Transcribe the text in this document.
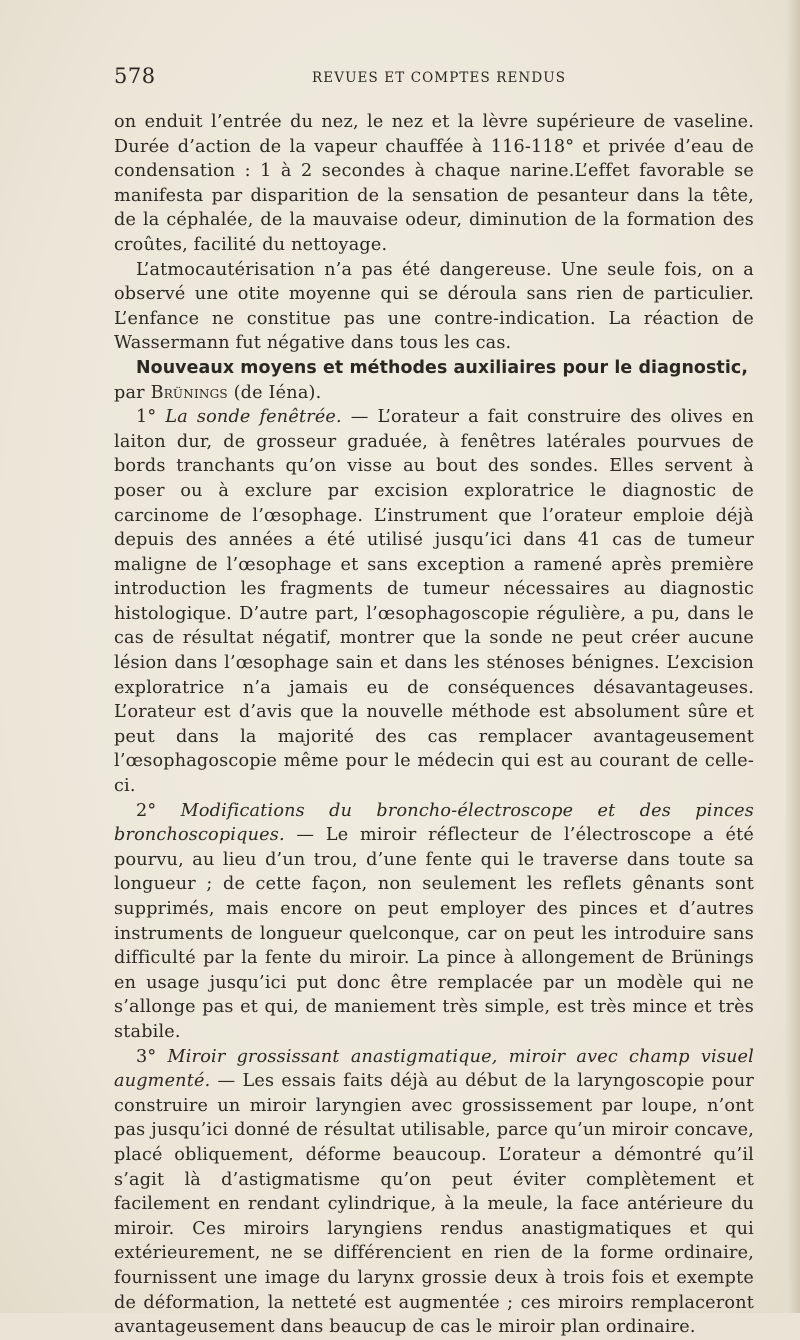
578	REVUES ET COMPTES RENDUS

on enduit l’entrée du nez, le nez et la lèvre supérieure de vaseline. Durée d’action de la vapeur chauffée à 116-118° et privée d’eau de condensation : 1 à 2 secondes à chaque narine.L’effet favorable se manifesta par disparition de la sensation de pesanteur dans la tête, de la céphalée, de la mauvaise odeur, diminution de la formation des croûtes, facilité du nettoyage.

L’atmocautérisation n’a pas été dangereuse. Une seule fois, on a observé une otite moyenne qui se déroula sans rien de particulier. L’enfance ne constitue pas une contre-indication. La réaction de Wassermann fut négative dans tous les cas.

Nouveaux moyens et méthodes auxiliaires pour le diagnostic,
par Brünings (de Iéna).

1° La sonde fenêtrée. — L’orateur a fait construire des olives en laiton dur, de grosseur graduée, à fenêtres latérales pourvues de bords tranchants qu’on visse au bout des sondes. Elles servent à poser ou à exclure par excision exploratrice le diagnostic de carcinome de l’œsophage. L’instrument que l’orateur emploie déjà depuis des années a été utilisé jusqu’ici dans 41 cas de tumeur maligne de l’œsophage et sans exception a ramené après première introduction les fragments de tumeur nécessaires au diagnostic histologique. D’autre part, l’œsophagoscopie régulière, a pu, dans le cas de résultat négatif, montrer que la sonde ne peut créer aucune lésion dans l’œsophage sain et dans les sténoses bénignes. L’excision exploratrice n’a jamais eu de conséquences désavantageuses. L’orateur est d’avis que la nouvelle méthode est absolument sûre et peut dans la majorité des cas remplacer avantageusement l’œsophagoscopie même pour le médecin qui est au courant de celle-ci.

2° Modifications du broncho-électroscope et des pinces bronchoscopiques. — Le miroir réflecteur de l’électroscope a été pourvu, au lieu d’un trou, d’une fente qui le traverse dans toute sa longueur ; de cette façon, non seulement les reflets gênants sont supprimés, mais encore on peut employer des pinces et d’autres instruments de longueur quelconque, car on peut les introduire sans difficulté par la fente du miroir. La pince à allongement de Brünings en usage jusqu’ici put donc être remplacée par un modèle qui ne s’allonge pas et qui, de maniement très simple, est très mince et très stabile.

3° Miroir grossissant anastigmatique, miroir avec champ visuel augmenté. — Les essais faits déjà au début de la laryngoscopie pour construire un miroir laryngien avec grossissement par loupe, n’ont pas jusqu’ici donné de résultat utilisable, parce qu’un miroir concave, placé obliquement, déforme beaucoup. L’orateur a démontré qu’il s’agit là d’astigmatisme qu’on peut éviter complètement et facilement en rendant cylindrique, à la meule, la face antérieure du miroir. Ces miroirs laryngiens rendus anastigmatiques et qui extérieurement, ne se différencient en rien de la forme ordinaire, fournissent une image du larynx grossie deux à trois fois et exempte de déformation, la netteté est augmentée ; ces miroirs remplaceront avantageusement dans beaucup de cas le miroir plan ordinaire.
